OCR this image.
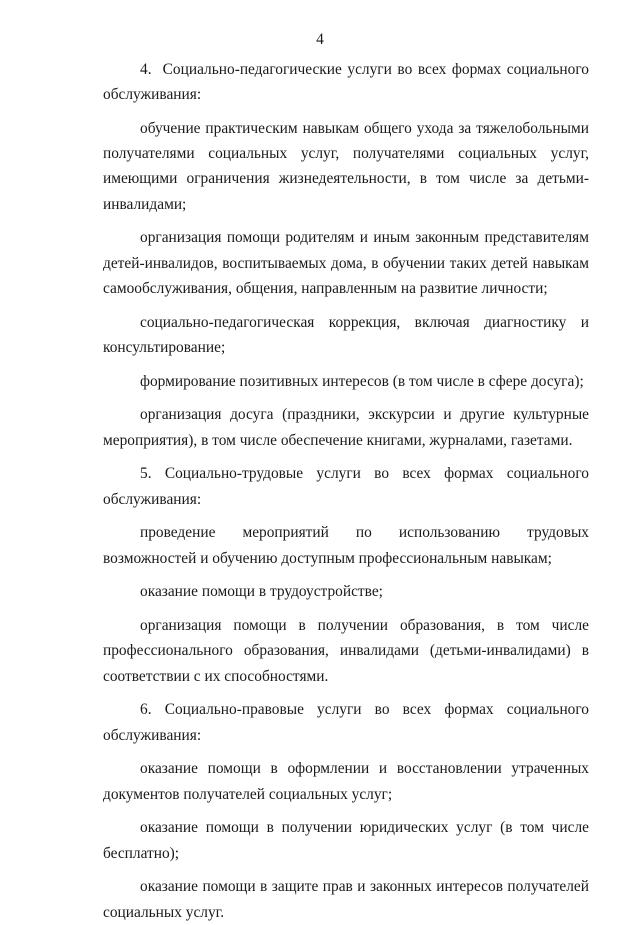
4

4.  Социально-педагогические услуги во всех формах социального обслуживания:

обучение практическим навыкам общего ухода за тяжелобольными получателями социальных услуг, получателями социальных услуг, имеющими ограничения жизнедеятельности, в том числе за детьми-инвалидами;

организация помощи родителям и иным законным представителям детей-инвалидов, воспитываемых дома, в обучении таких детей навыкам самообслуживания, общения, направленным на развитие личности;

социально-педагогическая коррекция, включая диагностику и консультирование;

формирование позитивных интересов (в том числе в сфере досуга);

организация досуга (праздники, экскурсии и другие культурные мероприятия), в том числе обеспечение книгами, журналами, газетами.

5. Социально-трудовые услуги во всех формах социального обслуживания:

проведение мероприятий по использованию трудовых возможностей и обучению доступным профессиональным навыкам;

оказание помощи в трудоустройстве;

организация помощи в получении образования, в том числе профессионального образования, инвалидами (детьми-инвалидами) в соответствии с их способностями.

6. Социально-правовые услуги во всех формах социального обслуживания:

оказание помощи в оформлении и восстановлении утраченных документов получателей социальных услуг;

оказание помощи в получении юридических услуг (в том числе бесплатно);

оказание помощи в защите прав и законных интересов получателей социальных услуг.
